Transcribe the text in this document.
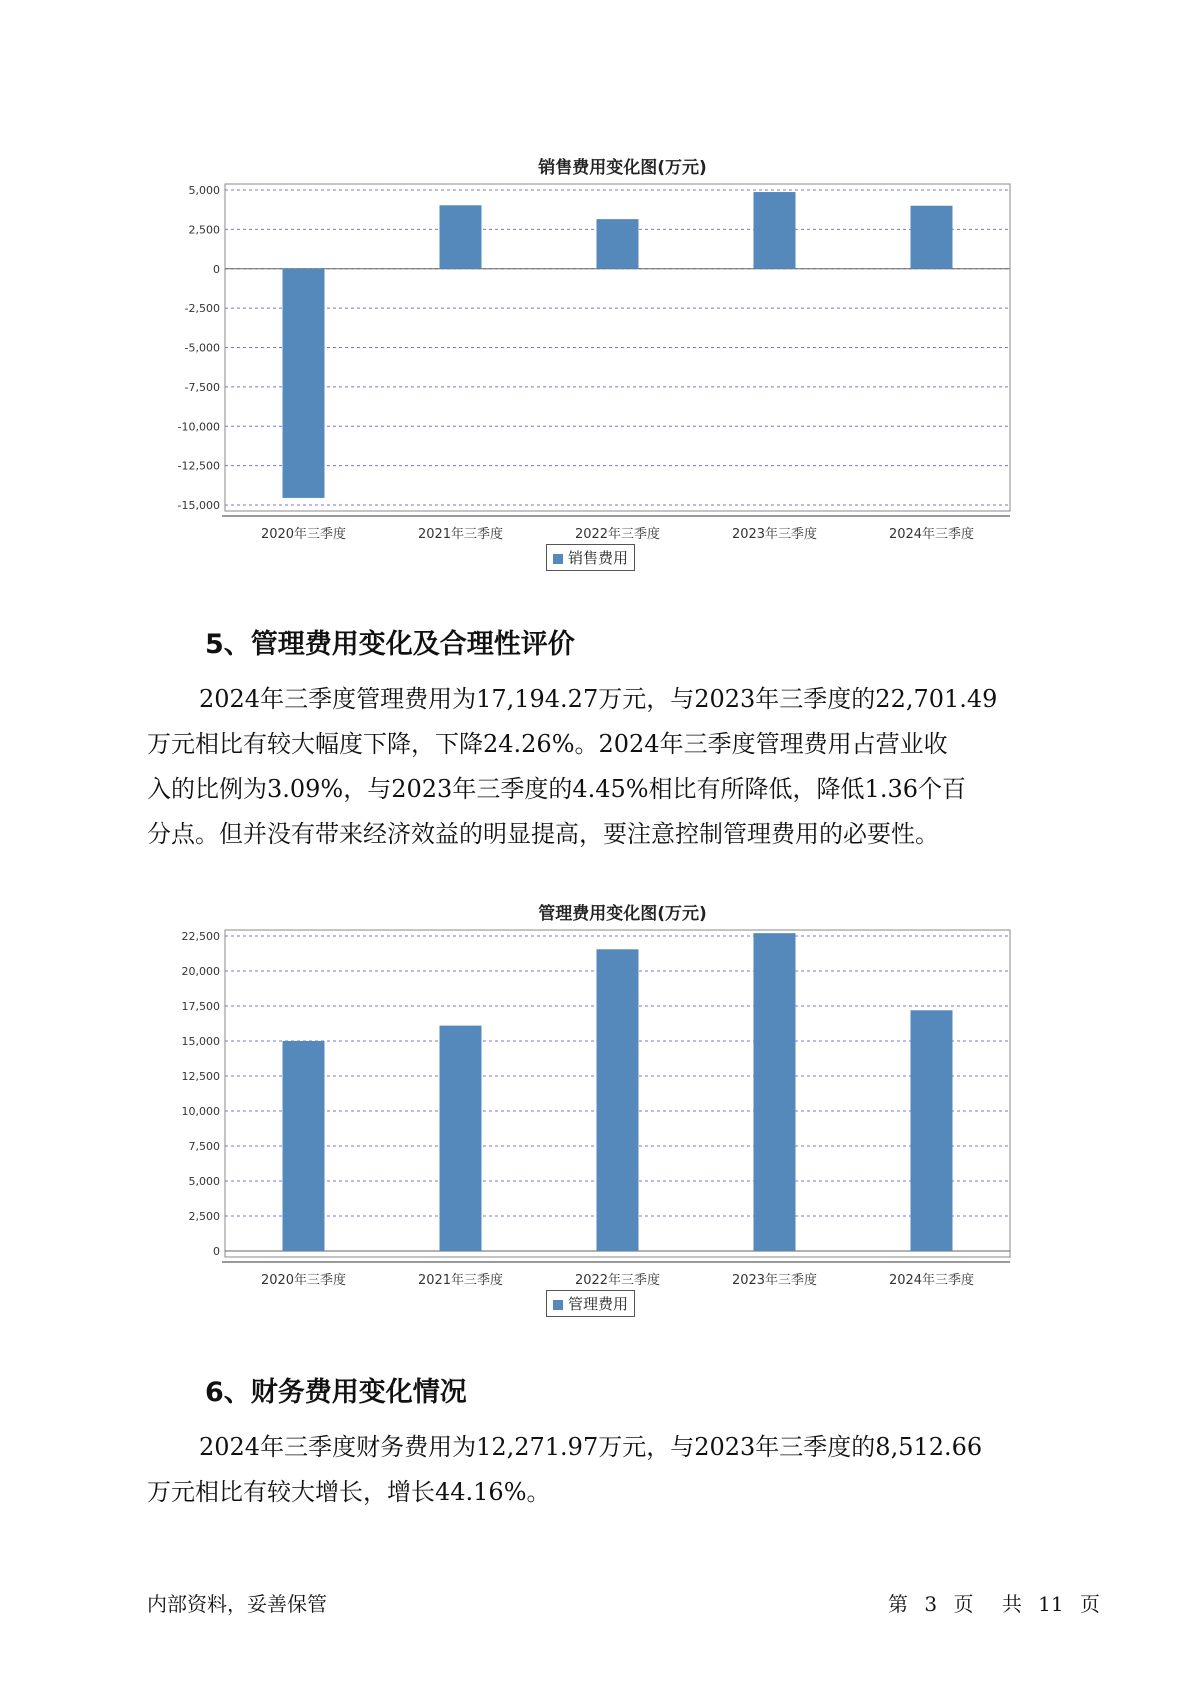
销售费用变化图(万元)
5,000
2,500
0
-2,500
-5,000
-7,500
-10,000
-12,500
-15,000
2020年三季度	2021年三季度	2022年三季度	2023年三季度	2024年三季度
销售费用
5、管理费用变化及合理性评价
2024年三季度管理费用为17,194.27万元，与2023年三季度的22,701.49
万元相比有较大幅度下降，下降24.26%。2024年三季度管理费用占营业收
入的比例为3.09%，与2023年三季度的4.45%相比有所降低，降低1.36个百
分点。但并没有带来经济效益的明显提高，要注意控制管理费用的必要性。
管理费用变化图(万元)
22,500
20,000
17,500
15,000
12,500
10,000
7,500
5,000
2,500
0
2020年三季度	2021年三季度	2022年三季度	2023年三季度	2024年三季度
管理费用
6、财务费用变化情况
2024年三季度财务费用为12,271.97万元，与2023年三季度的8,512.66
万元相比有较大增长，增长44.16%。
内部资料，妥善保管	第 3 页 共 11 页
